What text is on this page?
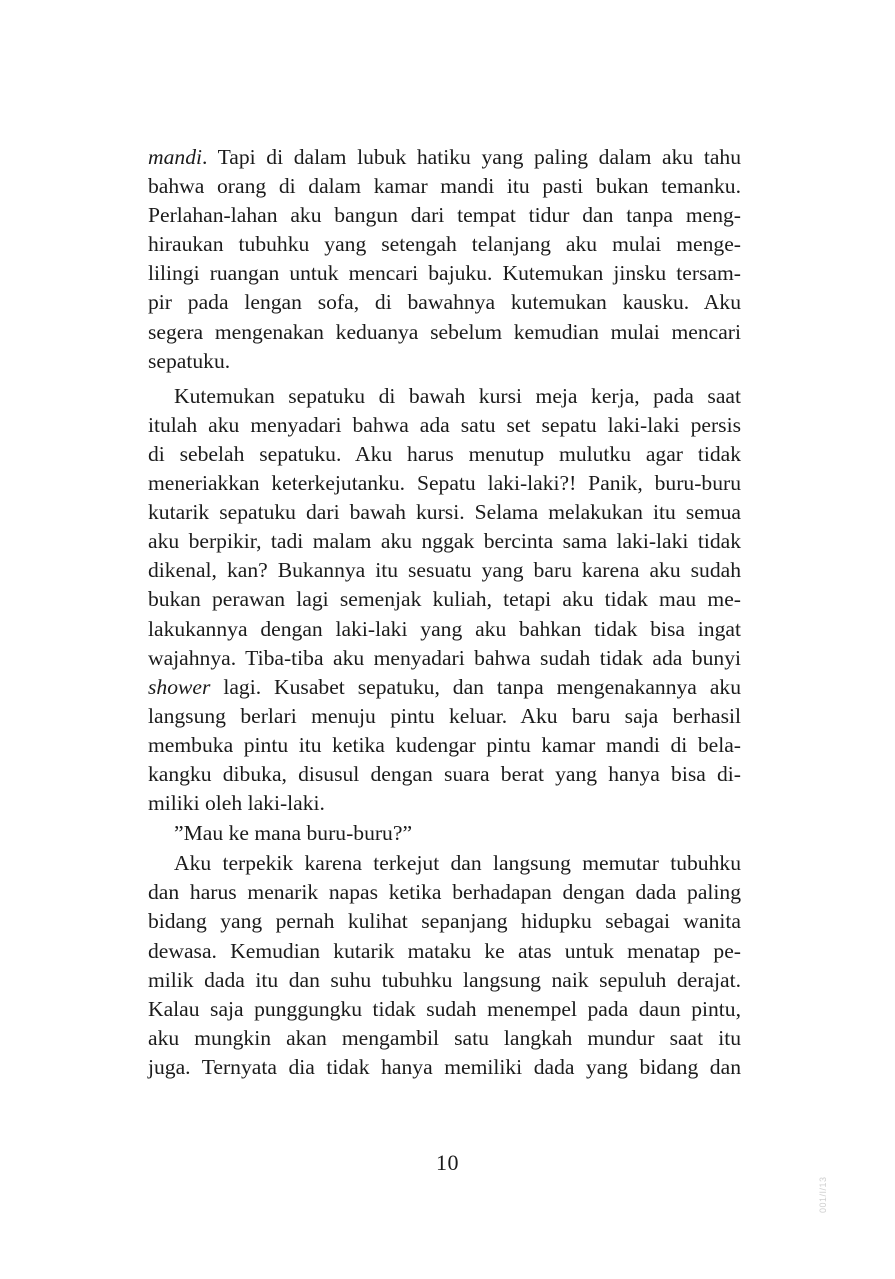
mandi. Tapi di dalam lubuk hatiku yang paling dalam aku tahu
bahwa orang di dalam kamar mandi itu pasti bukan temanku.
Perlahan-lahan aku bangun dari tempat tidur dan tanpa meng-
hiraukan tubuhku yang setengah telanjang aku mulai menge-
lilingi ruangan untuk mencari bajuku. Kutemukan jinsku tersam-
pir pada lengan sofa, di bawahnya kutemukan kausku. Aku
segera mengenakan keduanya sebelum kemudian mulai mencari
sepatuku.
Kutemukan sepatuku di bawah kursi meja kerja, pada saat
itulah aku menyadari bahwa ada satu set sepatu laki-laki persis
di sebelah sepatuku. Aku harus menutup mulutku agar tidak
meneriakkan keterkejutanku. Sepatu laki-laki?! Panik, buru-buru
kutarik sepatuku dari bawah kursi. Selama melakukan itu semua
aku berpikir, tadi malam aku nggak bercinta sama laki-laki tidak
dikenal, kan? Bukannya itu sesuatu yang baru karena aku sudah
bukan perawan lagi semenjak kuliah, tetapi aku tidak mau me-
lakukannya dengan laki-laki yang aku bahkan tidak bisa ingat
wajahnya. Tiba-tiba aku menyadari bahwa sudah tidak ada bunyi
shower lagi. Kusabet sepatuku, dan tanpa mengenakannya aku
langsung berlari menuju pintu keluar. Aku baru saja berhasil
membuka pintu itu ketika kudengar pintu kamar mandi di bela-
kangku dibuka, disusul dengan suara berat yang hanya bisa di-
miliki oleh laki-laki.
”Mau ke mana buru-buru?”
Aku terpekik karena terkejut dan langsung memutar tubuhku
dan harus menarik napas ketika berhadapan dengan dada paling
bidang yang pernah kulihat sepanjang hidupku sebagai wanita
dewasa. Kemudian kutarik mataku ke atas untuk menatap pe-
milik dada itu dan suhu tubuhku langsung naik sepuluh derajat.
Kalau saja punggungku tidak sudah menempel pada daun pintu,
aku mungkin akan mengambil satu langkah mundur saat itu
juga. Ternyata dia tidak hanya memiliki dada yang bidang dan
10
001/I/13
